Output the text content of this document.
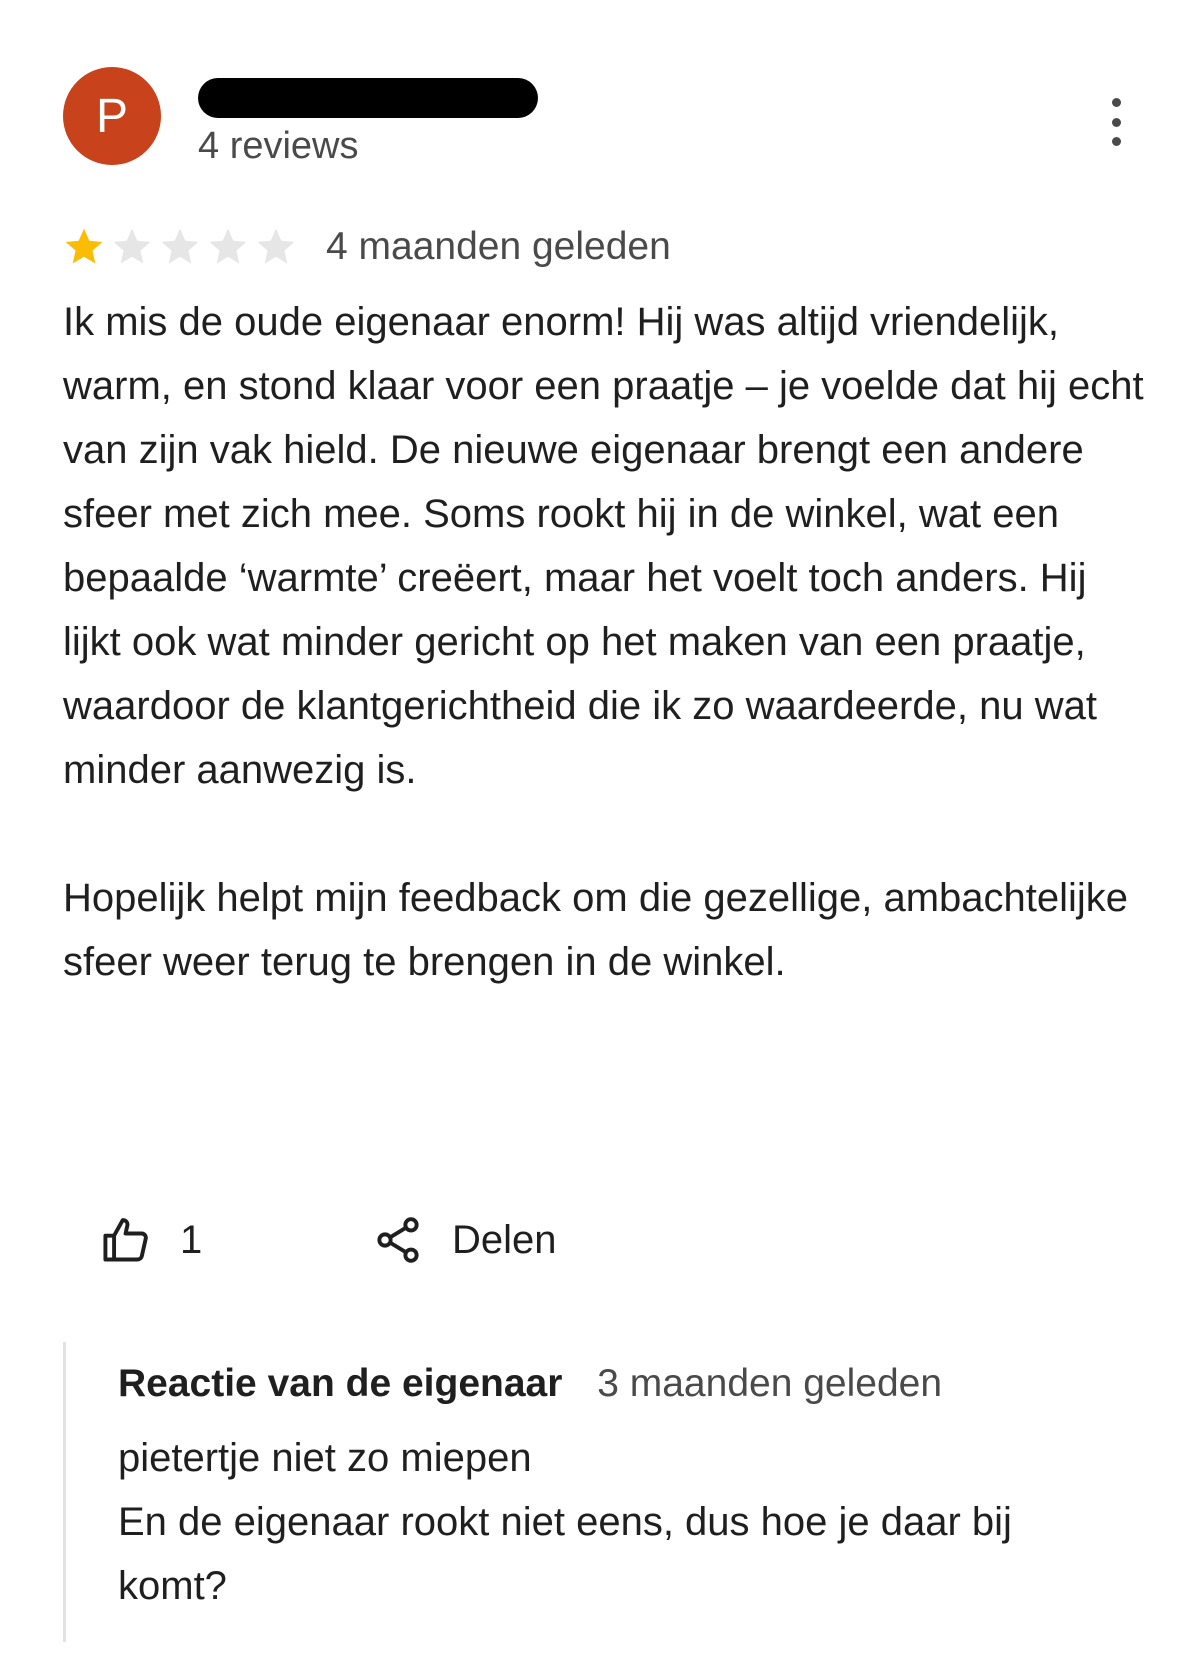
P
4 reviews
4 maanden geleden

Ik mis de oude eigenaar enorm! Hij was altijd vriendelijk, warm, en stond klaar voor een praatje – je voelde dat hij echt van zijn vak hield. De nieuwe eigenaar brengt een andere sfeer met zich mee. Soms rookt hij in de winkel, wat een bepaalde ‘warmte’ creëert, maar het voelt toch anders. Hij lijkt ook wat minder gericht op het maken van een praatje, waardoor de klantgerichtheid die ik zo waardeerde, nu wat minder aanwezig is.

Hopelijk helpt mijn feedback om die gezellige, ambachtelijke sfeer weer terug te brengen in de winkel.

1	Delen
Reactie van de eigenaar 3 maanden geleden
pietertje niet zo miepen
En de eigenaar rookt niet eens, dus hoe je daar bij komt?
